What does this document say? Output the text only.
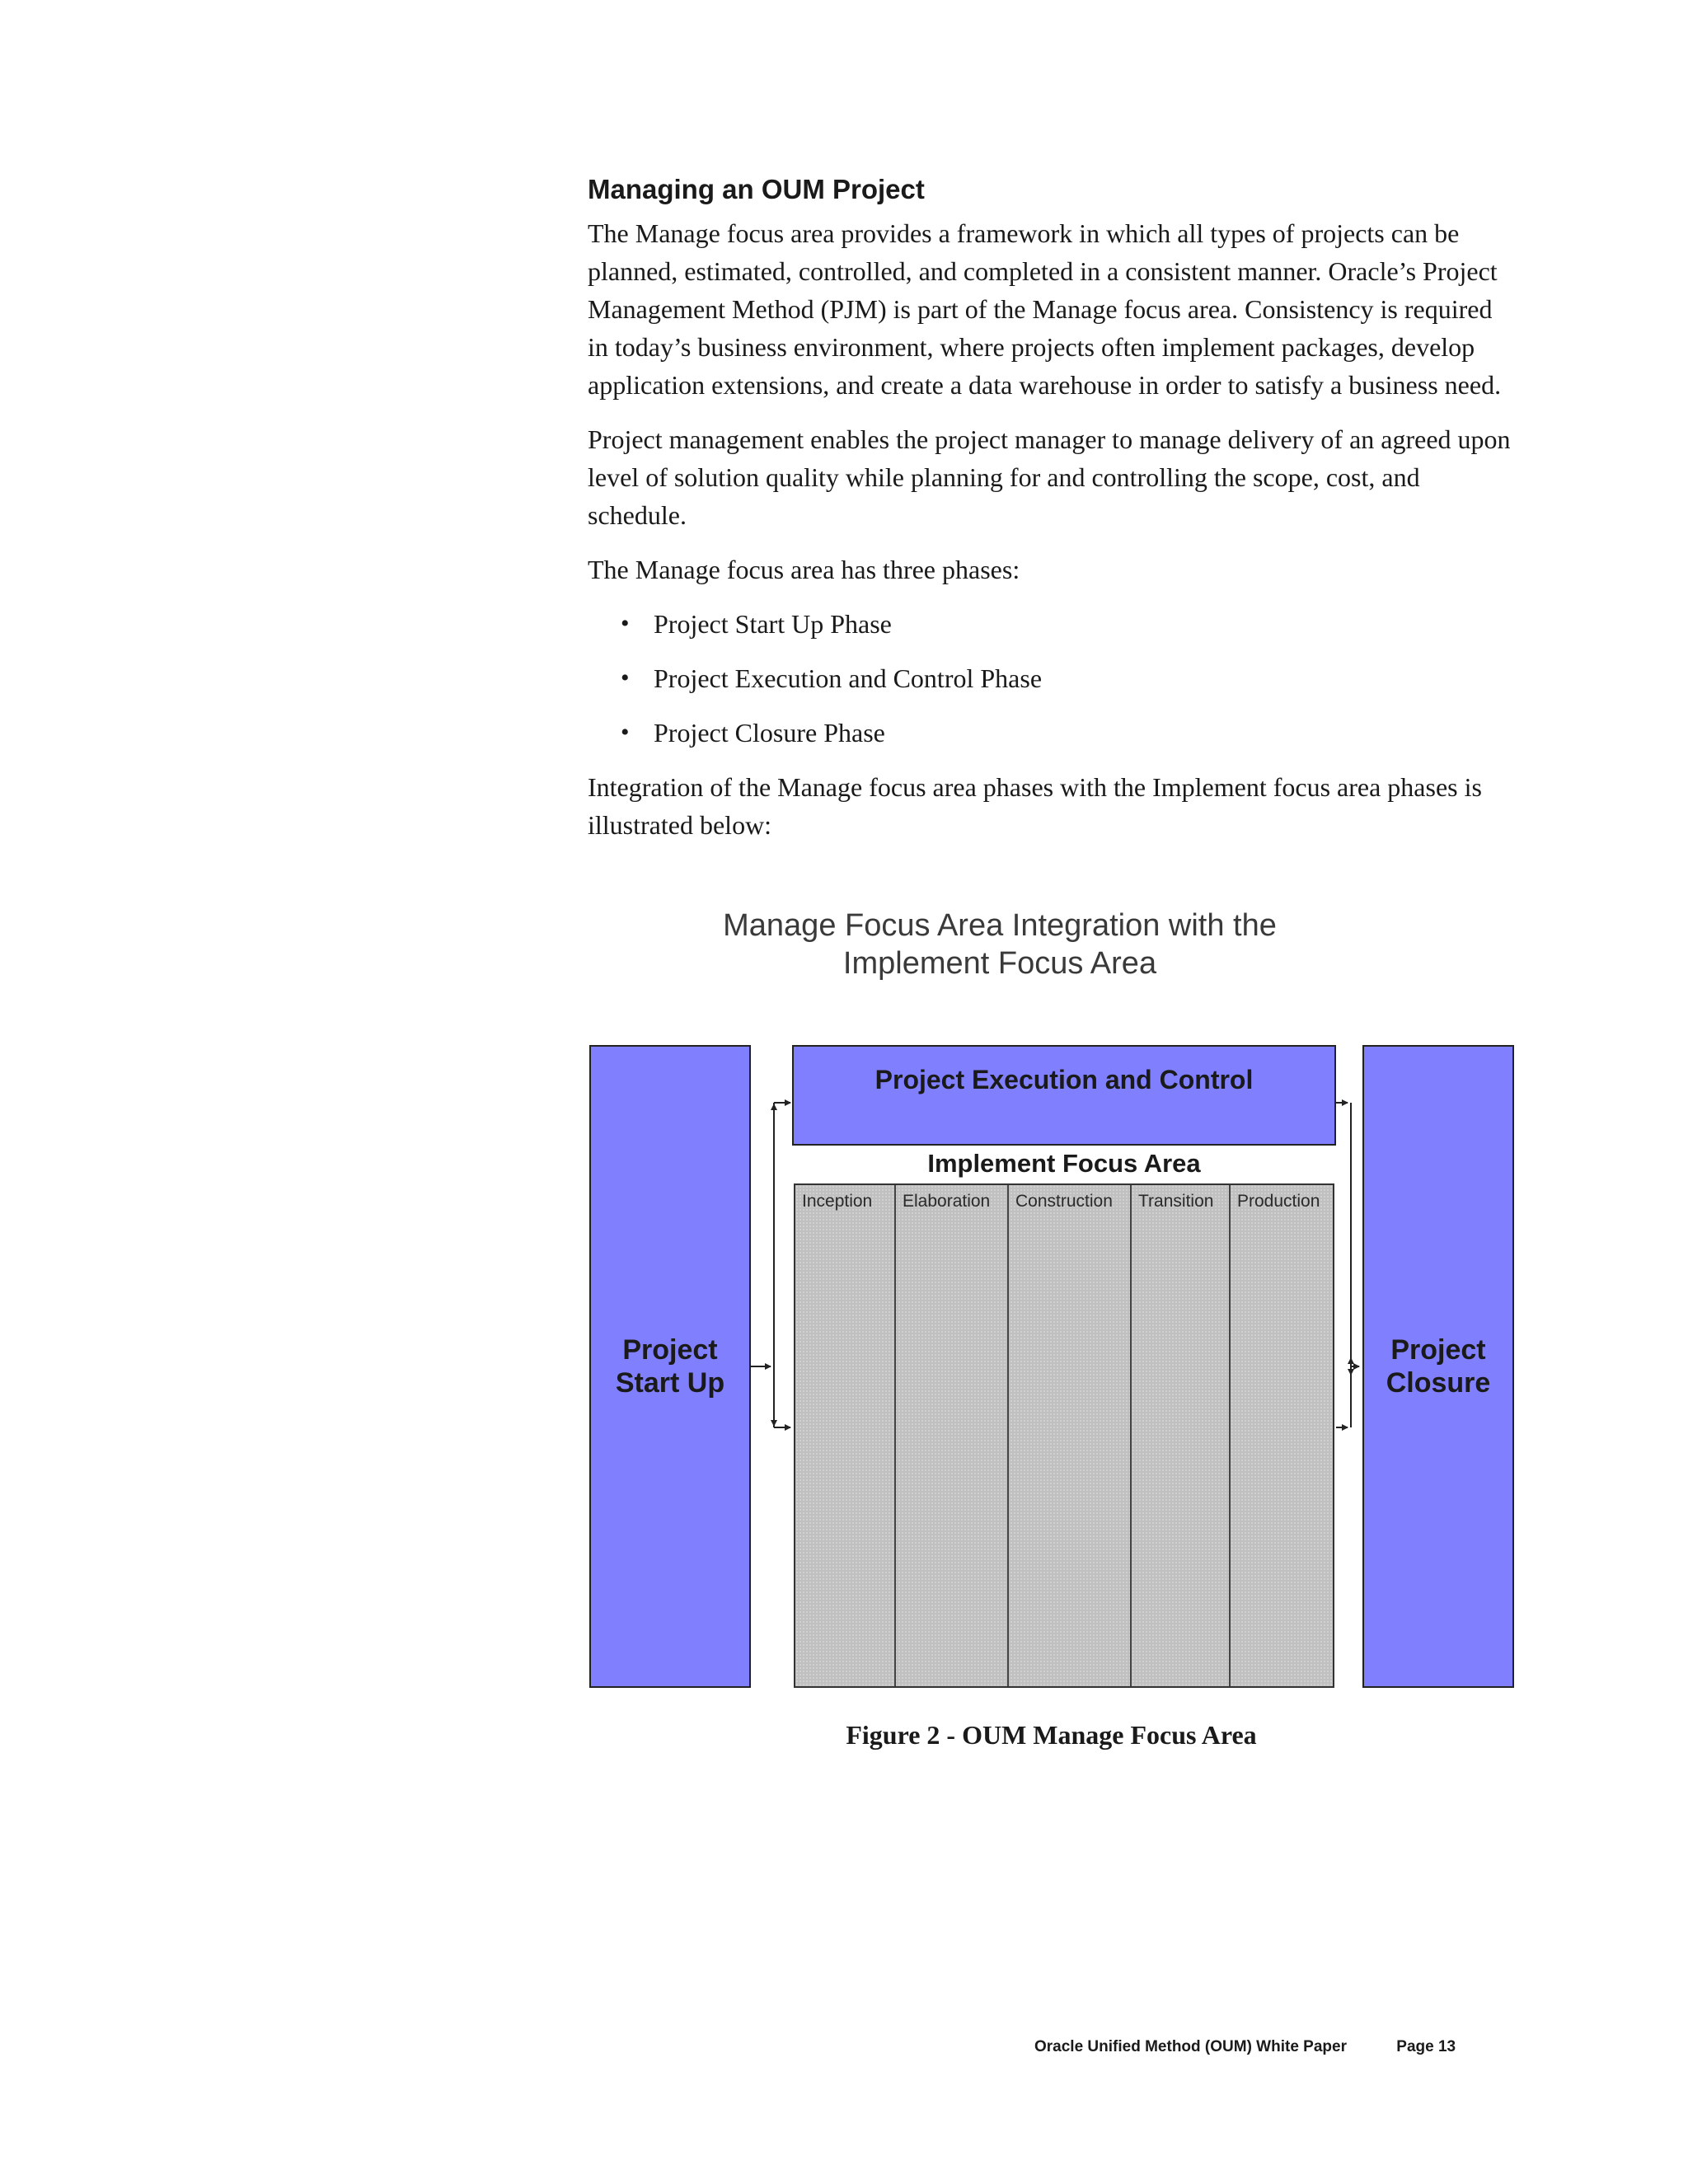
Managing an OUM Project

The Manage focus area provides a framework in which all types of projects can be planned, estimated, controlled, and completed in a consistent manner. Oracle’s Project Management Method (PJM) is part of the Manage focus area. Consistency is required in today’s business environment, where projects often implement packages, develop application extensions, and create a data warehouse in order to satisfy a business need.

Project management enables the project manager to manage delivery of an agreed upon level of solution quality while planning for and controlling the scope, cost, and schedule.

The Manage focus area has three phases:

• Project Start Up Phase
• Project Execution and Control Phase
• Project Closure Phase

Integration of the Manage focus area phases with the Implement focus area phases is illustrated below:

Manage Focus Area Integration with the
Implement Focus Area
Project
Start Up
Project Execution and Control
Implement Focus Area
Inception	Elaboration	Construction	Transition	Production
Project
Closure
Figure 2 - OUM Manage Focus Area
Oracle Unified Method (OUM) White Paper	Page 13
